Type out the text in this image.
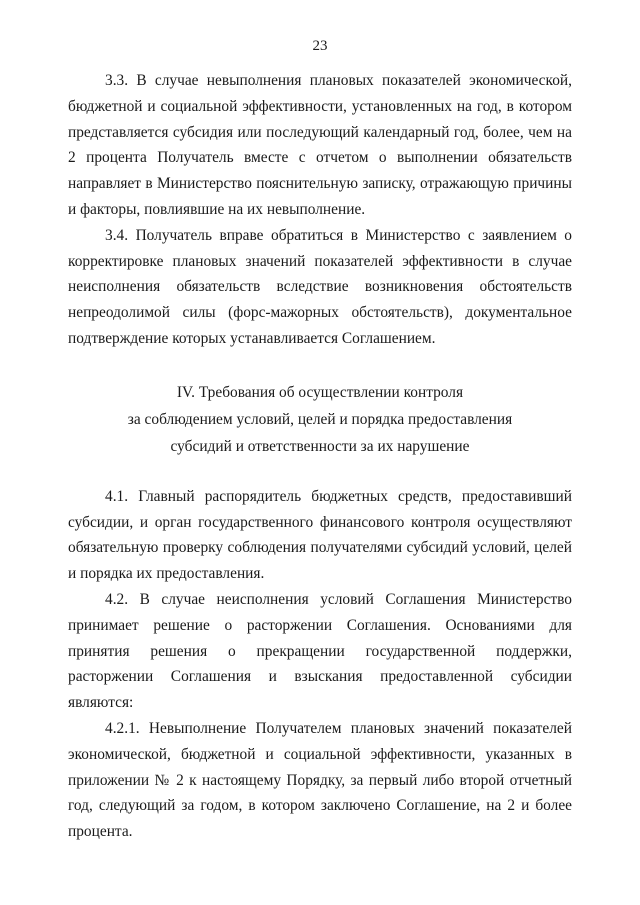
23

3.3. В случае невыполнения плановых показателей экономической, бюджетной и социальной эффективности, установленных на год, в котором представляется субсидия или последующий календарный год, более, чем на 2 процента Получатель вместе с отчетом о выполнении обязательств направляет в Министерство пояснительную записку, отражающую причины и факторы, повлиявшие на их невыполнение.

3.4. Получатель вправе обратиться в Министерство с заявлением о корректировке плановых значений показателей эффективности в случае неисполнения обязательств вследствие возникновения обстоятельств непреодолимой силы (форс-мажорных обстоятельств), документальное подтверждение которых устанавливается Соглашением.

IV. Требования об осуществлении контроля
за соблюдением условий, целей и порядка предоставления
субсидий и ответственности за их нарушение

4.1. Главный распорядитель бюджетных средств, предоставивший субсидии, и орган государственного финансового контроля осуществляют обязательную проверку соблюдения получателями субсидий условий, целей и порядка их предоставления.

4.2. В случае неисполнения условий Соглашения Министерство принимает решение о расторжении Соглашения. Основаниями для принятия решения о прекращении государственной поддержки, расторжении Соглашения и взыскания предоставленной субсидии являются:

4.2.1. Невыполнение Получателем плановых значений показателей экономической, бюджетной и социальной эффективности, указанных в приложении № 2 к настоящему Порядку, за первый либо второй отчетный год, следующий за годом, в котором заключено Соглашение, на 2 и более процента.
